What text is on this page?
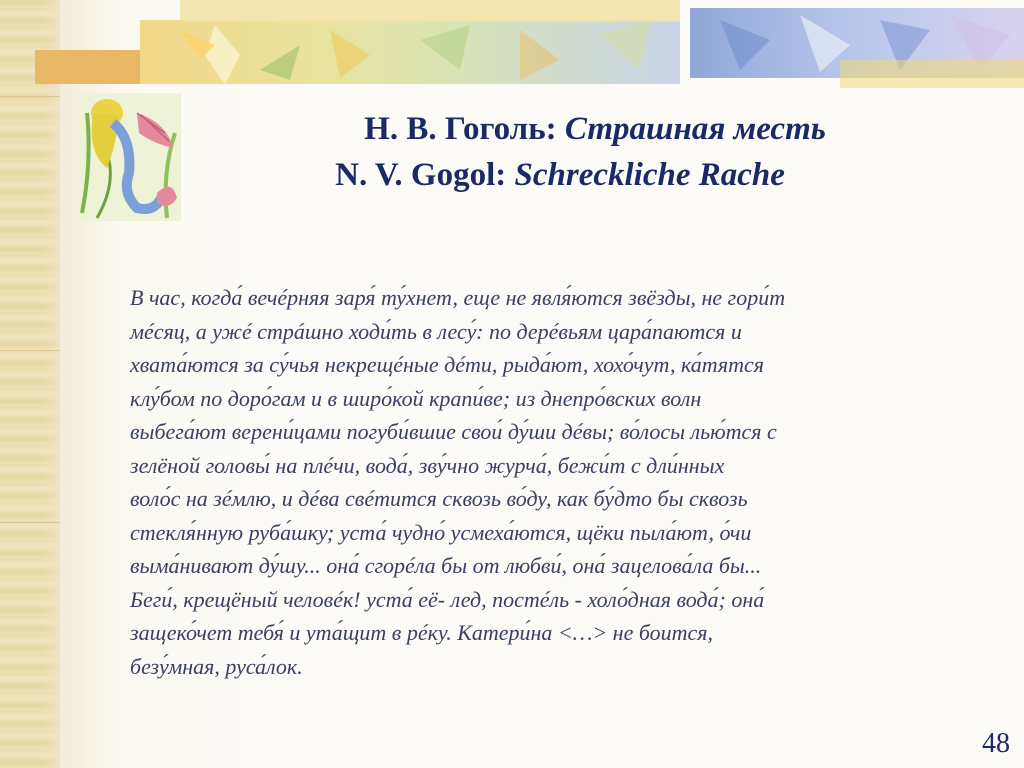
Н. В. Гоголь: Страшная месть
N. V. Gogol: Schreckliche Rache
В час, когда́ вечéрняя заря́ ту́хнет, еще не явля́ются звёзды, не гори́т
мéсяц, а ужé стрáшно ходи́ть в лесу́: по дерéвьям цара́паются и
хвата́ются за су́чья некрещéные дéти, рыда́ют, хохо́чут, ка́тятся
клу́бом по доро́гам и в широ́кой крапи́ве; из днепро́вских волн
выбега́ют верени́цами погуби́вшие свои́ ду́ши дéвы; во́лосы лью́тся с
зелёной головы́ на плéчи, вода́, зву́чно журча́, бежи́т с дли́нных
воло́с на зéмлю, и дéва свéтится сквозь во́ду, как бу́дто бы сквозь
стекля́нную руба́шку; уста́ чудно́ усмеха́ются, щёки пыла́ют, о́чи
выма́нивают ду́шу... она́ сгорéла бы от любви́, она́ зацелова́ла бы...
Беги́, крещёный человéк! уста́ её- лед, постéль - холо́дная вода́; она́
защеко́чет тебя́ и ута́щит в рéку. Катери́на <…> не боится,
безу́мная, руса́лок.
48
